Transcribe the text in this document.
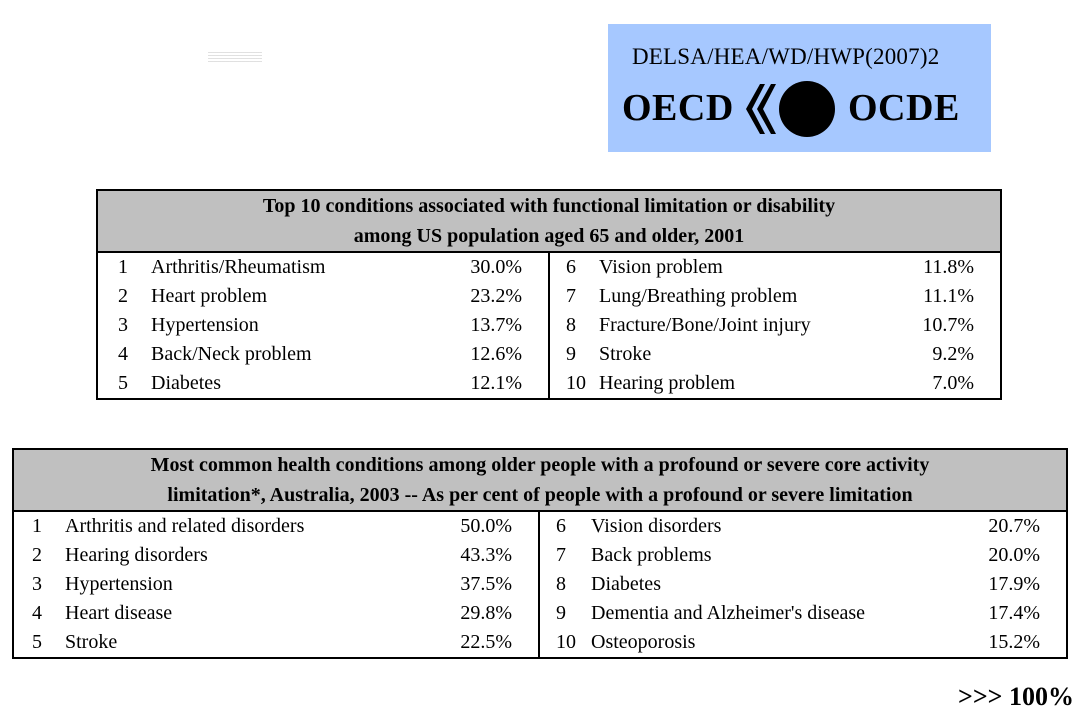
DELSA/HEA/WD/HWP(2007)2
OECD	OCDE
Top 10 conditions associated with functional limitation or disability
among US population aged 65 and older, 2001					

1	Arthritis/Rheumatism	30.0%	6	Vision problem	11.8%
2	Heart problem	23.2%	7	Lung/Breathing problem	11.1%
3	Hypertension	13.7%	8	Fracture/Bone/Joint injury	10.7%
4	Back/Neck problem	12.6%	9	Stroke	9.2%
5	Diabetes	12.1%	10	Hearing problem	7.0%
Most common health conditions among older people with a profound or severe core activity
limitation*, Australia, 2003 -- As per cent of people with a profound or severe limitation					

1	Arthritis and related disorders	50.0%	6	Vision disorders	20.7%
2	Hearing disorders	43.3%	7	Back problems	20.0%
3	Hypertension	37.5%	8	Diabetes	17.9%
4	Heart disease	29.8%	9	Dementia and Alzheimer's disease	17.4%
5	Stroke	22.5%	10	Osteoporosis	15.2%
>>> 100%
